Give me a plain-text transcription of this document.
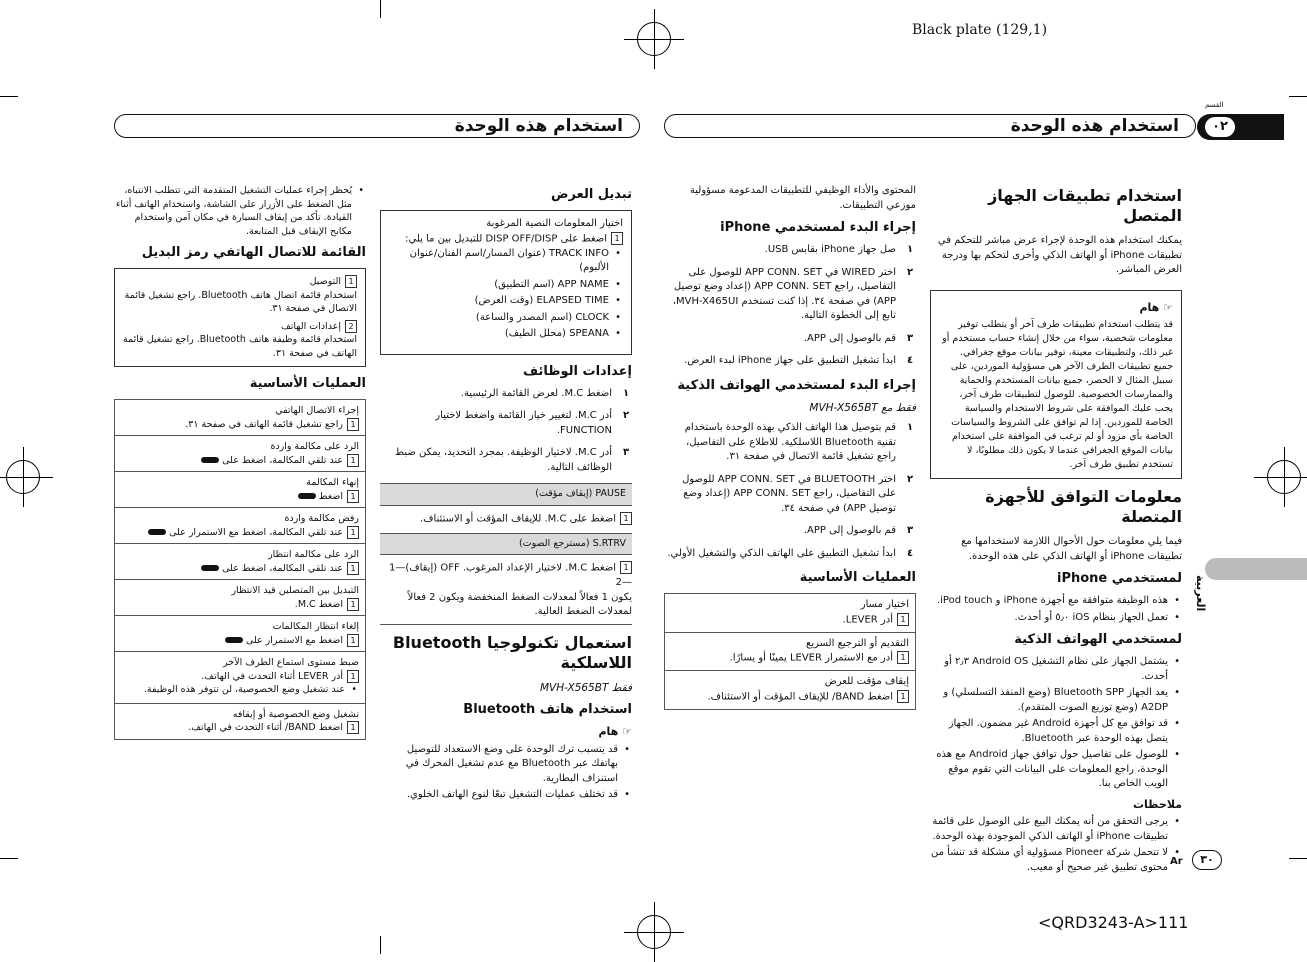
Black plate (129,1)
القسم
٠٢
استخدام هذه الوحدة
استخدام هذه الوحدة
العربية
استخدام تطبيقات الجهاز المتصل

يمكنك استخدام هذه الوحدة لإجراء عرض مباشر للتحكم في تطبيقات iPhone أو الهاتف الذكي وأخرى لتحكم بها ودرجة العرض المباشر.

☞ هام
قد يتطلب استخدام تطبيقات طرف آخر أو يتطلب توفير معلومات شخصية، سواء من خلال إنشاء حساب مستخدم أو غير ذلك، ولتطبيقات معينة، توفير بيانات موقع جغرافي. جميع تطبيقات الطرف الآخر هي مسؤولية الموردين، على سبيل المثال لا الحصر، جميع بيانات المستخدم والحماية والممارسات الخصوصية. للوصول لتطبيقات طرف آخر، يجب عليك الموافقة على شروط الاستخدام والسياسة الخاصة للموردين. إذا لم توافق على الشروط والسياسات الخاصة بأي مزود أو لم ترغب في الموافقة على استخدام بيانات الموقع الجغرافي عندما لا يكون ذلك مطلوبًا، لا تستخدم تطبيق طرف آخر.
معلومات التوافق للأجهزة المتصلة

فيما يلي معلومات حول الأحوال اللازمة لاستخدامها مع تطبيقات iPhone أو الهاتف الذكي على هذه الوحدة.

لمستخدمي iPhone
• هذه الوظيفة متوافقة مع أجهزة iPhone و iPod touch.
• تعمل الجهاز بنظام iOS ٥٫٠ أو أحدث.
لمستخدمي الهواتف الذكية
• يشتمل الجهاز على نظام التشغيل Android OS ٢٫٣ أو أحدث.
• يعد الجهاز Bluetooth SPP (وضع المنفذ التسلسلي) و A2DP (وضع توزيع الصوت المتقدم).
• قد توافق مع كل أجهزة Android غير مضمون. الجهاز يتصل بهذه الوحدة عبر Bluetooth.
• للوصول على تفاصيل حول توافق جهاز Android مع هذه الوحدة، راجع المعلومات على البيانات التي تقوم موقع الويب الخاص بنا.
ملاحظات
• يرجى التحقق من أنه يمكنك البيع على الوصول على قائمة تطبيقات iPhone أو الهاتف الذكي الموجودة بهذه الوحدة.
• لا تتحمل شركة Pioneer مسؤولية أي مشكلة قد تنشأ من محتوى تطبيق غير صحيح أو معيب.

المحتوى والأداء الوظيفي للتطبيقات المدعومة مسؤولية موزعي التطبيقات.

إجراء البدء لمستخدمي iPhone
١
صل جهاز iPhone بقابس USB.
٢
اختر WIRED في APP CONN. SET للوصول على التفاصيل، راجع APP CONN. SET (إعداد وضع توصيل APP) في صفحة ٣٤. إذا كنت تستخدم MVH-X465UI، تابع إلى الخطوة التالية.
٣
قم بالوصول إلى APP.
٤
ابدأ تشغيل التطبيق على جهاز iPhone لبدء العرض.
إجراء البدء لمستخدمي الهواتف الذكية
فقط مع MVH-X565BT
١
قم بتوصيل هذا الهاتف الذكي بهذه الوحدة باستخدام تقنية Bluetooth اللاسلكية. للاطلاع على التفاصيل، راجع تشغيل قائمة الاتصال في صفحة ٣١.
٢
اختر BLUETOOTH في APP CONN. SET للوصول على التفاصيل، راجع APP CONN. SET (إعداد وضع توصيل APP) في صفحة ٣٤.
٣
قم بالوصول إلى APP.
٤
ابدأ تشغيل التطبيق على الهاتف الذكي والتشغيل الأولي.
العمليات الأساسية
اختيار مسار
1أدر LEVER.
التقديم أو الترجيع السريع
1أدر مع الاستمرار LEVER يمينًا أو يسارًا.
إيقاف مؤقت للعرض
1اضغط BAND/ للإيقاف المؤقت أو الاستئناف.
تبديل العرض
اختيار المعلومات النصية المرغوبة
1اضغط على DISP OFF/DISP للتبديل بين ما يلي:
• TRACK INFO (عنوان المسار/اسم الفنان/عنوان الألبوم)
• APP NAME (اسم التطبيق)
• ELAPSED TIME (وقت العرض)
• CLOCK (اسم المصدر والساعة)
• SPEANA (محلل الطيف)
إعدادات الوظائف
١
اضغط M.C. لعرض القائمة الرئيسية.
٢
أدر M.C. لتغيير خيار القائمة واضغط لاختيار FUNCTION.
٣
أدر M.C. لاختيار الوظيفة. بمجرد التحديد، يمكن ضبط الوظائف التالية.
PAUSE (إيقاف مؤقت)
1اضغط على M.C. للإيقاف المؤقت أو الاستئناف.
S.RTRV (مسترجع الصوت)
1اضغط M.C. لاختيار الإعداد المرغوب. OFF (إيقاف)—1—2
يكون 1 فعالاً لمعدلات الضغط المنخفضة ويكون 2 فعالاً لمعدلات الضغط العالية.
استعمال تكنولوجيا Bluetooth اللاسلكية
فقط MVH-X565BT
استخدام هاتف Bluetooth
☞ هام
• قد يتسبب ترك الوحدة على وضع الاستعداد للتوصيل بهاتفك عبر Bluetooth مع عدم تشغيل المحرك في استنزاف البطارية.
• قد تختلف عمليات التشغيل تبعًا لنوع الهاتف الخلوي.
• يُحظر إجراء عمليات التشغيل المتقدمة التي تتطلب الانتباه، مثل الضغط على الأزرار على الشاشة، واستخدام الهاتف أثناء القيادة. تأكد من إيقاف السيارة في مكان آمن واستخدام مكابح الإيقاف قبل المتابعة.
القائمة للاتصال الهاتفي رمز البديل
1التوصيل
استخدام قائمة اتصال هاتف Bluetooth. راجع تشغيل قائمة الاتصال في صفحة ٣١.
2إعدادات الهاتف
استخدام قائمة وظيفة هاتف Bluetooth. راجع تشغيل قائمة الهاتف في صفحة ٣١.
العمليات الأساسية
إجراء الاتصال الهاتفي
1راجع تشغيل قائمة الهاتف في صفحة ٣١.
الرد على مكالمة واردة
1عند تلقي المكالمة، اضغط على
إنهاء المكالمة
1اضغط
رفض مكالمة واردة
1عند تلقي المكالمة، اضغط مع الاستمرار على
الرد على مكالمة انتظار
1عند تلقي المكالمة، اضغط على
التبديل بين المتصلين قيد الانتظار
1اضغط M.C.
إلغاء انتظار المكالمات
1اضغط مع الاستمرار على
ضبط مستوى استماع الطرف الآخر
1أدر LEVER أثناء التحدث في الهاتف.
• عند تشغيل وضع الخصوصية، لن تتوفر هذه الوظيفة.
تشغيل وضع الخصوصية أو إيقافه
1اضغط BAND/ أثناء التحدث في الهاتف.
Ar	٣٠
<QRD3243-A>111
